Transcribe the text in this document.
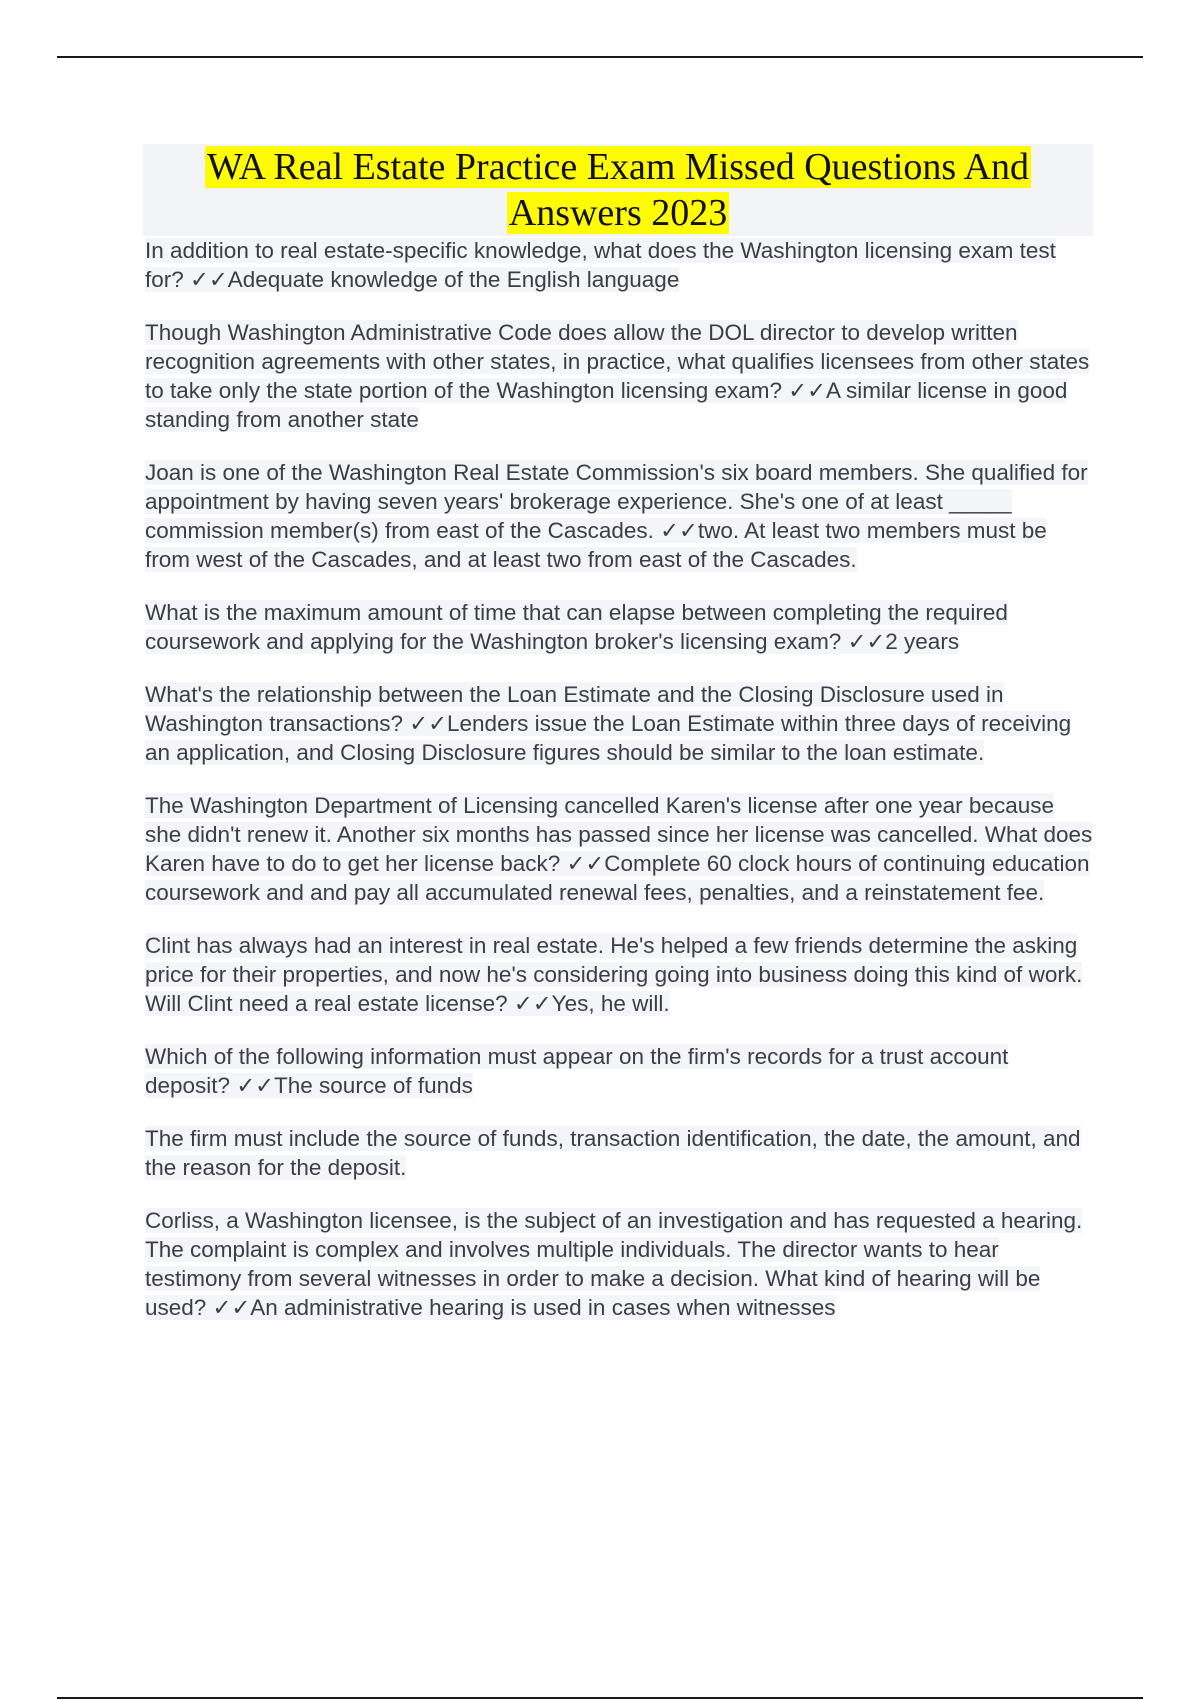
WA Real Estate Practice Exam Missed Questions And
Answers 2023

In addition to real estate-specific knowledge, what does the Washington licensing exam test for? ✓✓Adequate knowledge of the English language

Though Washington Administrative Code does allow the DOL director to develop written recognition agreements with other states, in practice, what qualifies licensees from other states to take only the state portion of the Washington licensing exam? ✓✓A similar license in good standing from another state

Joan is one of the Washington Real Estate Commission's six board members. She qualified for appointment by having seven years' brokerage experience. She's one of at least _____ commission member(s) from east of the Cascades. ✓✓two. At least two members must be from west of the Cascades, and at least two from east of the Cascades.

What is the maximum amount of time that can elapse between completing the required coursework and applying for the Washington broker's licensing exam? ✓✓2 years

What's the relationship between the Loan Estimate and the Closing Disclosure used in Washington transactions? ✓✓Lenders issue the Loan Estimate within three days of receiving an application, and Closing Disclosure figures should be similar to the loan estimate.

The Washington Department of Licensing cancelled Karen's license after one year because she didn't renew it. Another six months has passed since her license was cancelled. What does Karen have to do to get her license back? ✓✓Complete 60 clock hours of continuing education coursework and and pay all accumulated renewal fees, penalties, and a reinstatement fee.

Clint has always had an interest in real estate. He's helped a few friends determine the asking price for their properties, and now he's considering going into business doing this kind of work. Will Clint need a real estate license? ✓✓Yes, he will.

Which of the following information must appear on the firm's records for a trust account deposit? ✓✓The source of funds

The firm must include the source of funds, transaction identification, the date, the amount, and the reason for the deposit.

Corliss, a Washington licensee, is the subject of an investigation and has requested a hearing. The complaint is complex and involves multiple individuals. The director wants to hear testimony from several witnesses in order to make a decision. What kind of hearing will be used? ✓✓An administrative hearing is used in cases when witnesses
